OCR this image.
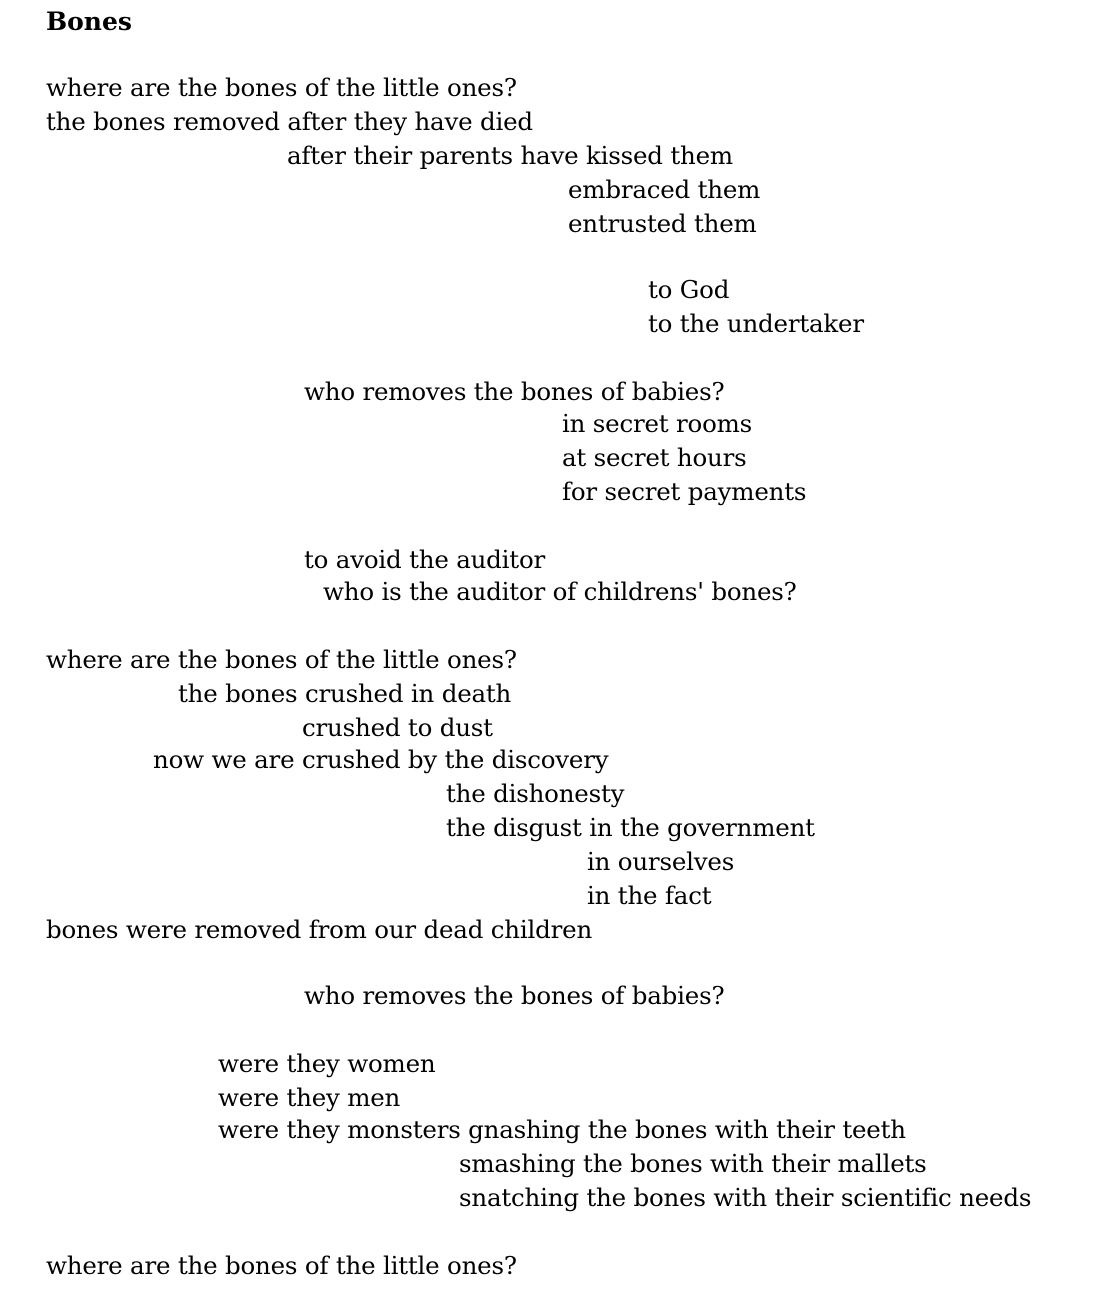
Bones
where are the bones of the little ones?
the bones removed after they have died
after their parents have kissed them
embraced them
entrusted them
to God
to the undertaker
who removes the bones of babies?
in secret rooms
at secret hours
for secret payments
to avoid the auditor
who is the auditor of childrens' bones?
where are the bones of the little ones?
the bones crushed in death
crushed to dust
now we are crushed by the discovery
the dishonesty
the disgust in the government
in ourselves
in the fact
bones were removed from our dead children
who removes the bones of babies?
were they women
were they men
were they monsters gnashing the bones with their teeth
smashing the bones with their mallets
snatching the bones with their scientific needs
where are the bones of the little ones?
